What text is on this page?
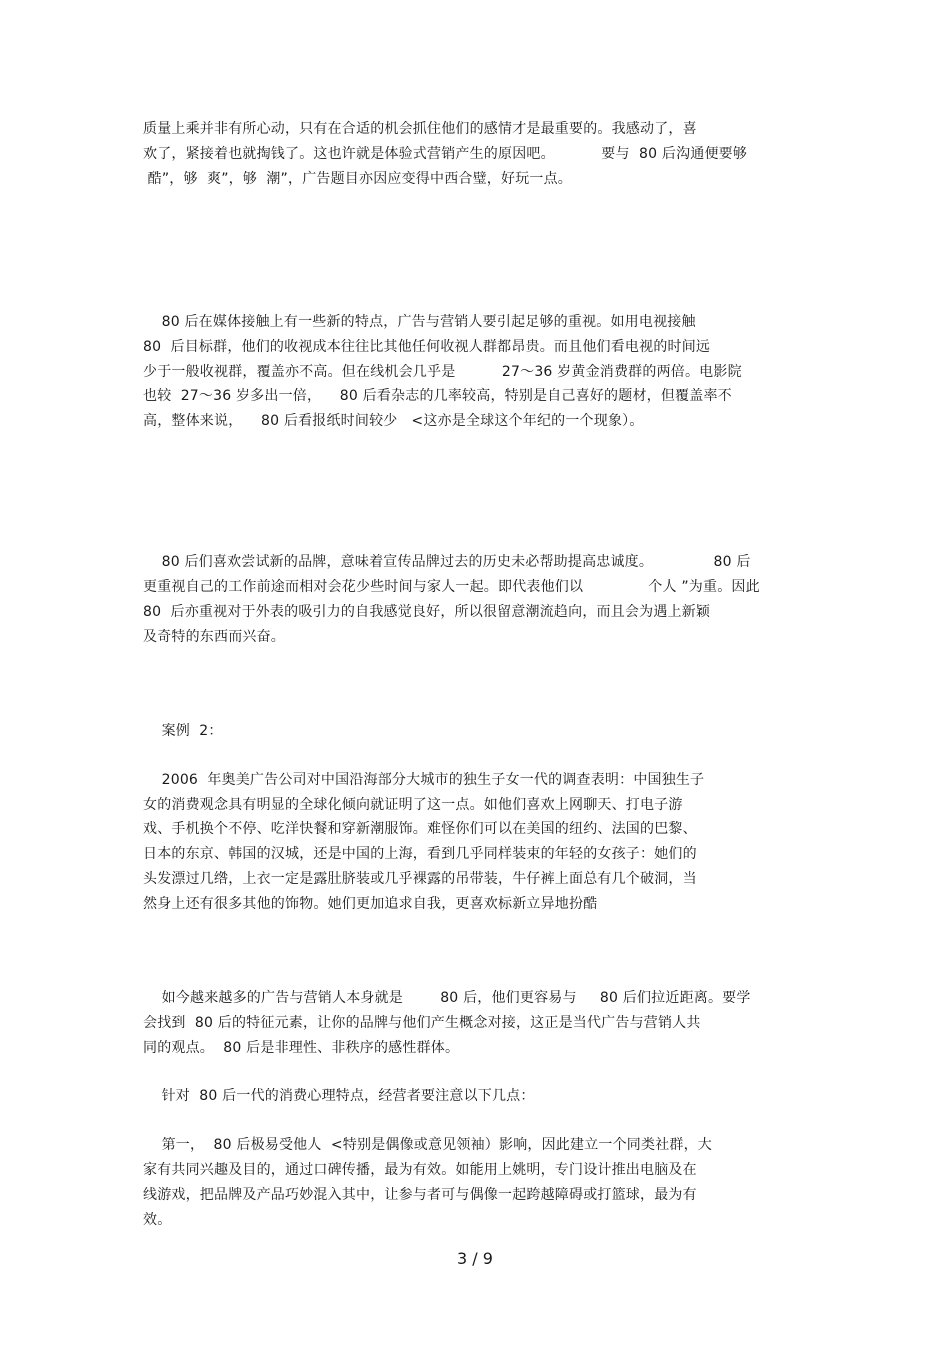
质量上乘并非有所心动，只有在合适的机会抓住他们的感情才是最重要的。我感动了，喜
欢了，紧接着也就掏钱了。这也许就是体验式营销产生的原因吧。          要与  80 后沟通便要够
酷”，够  爽”，够  潮”，广告题目亦因应变得中西合璧，好玩一点。
80 后在媒体接触上有一些新的特点，广告与营销人要引起足够的重视。如用电视接触
80  后目标群，他们的收视成本往往比其他任何收视人群都昂贵。而且他们看电视的时间远
少于一般收视群，覆盖亦不高。但在线机会几乎是          27～36 岁黄金消费群的两倍。电影院
也较  27～36 岁多出一倍，    80 后看杂志的几率较高，特别是自己喜好的题材，但覆盖率不
高，整体来说，    80 后看报纸时间较少   <这亦是全球这个年纪的一个现象）。
80 后们喜欢尝试新的品牌，意味着宣传品牌过去的历史未必帮助提高忠诚度。             80 后
更重视自己的工作前途而相对会花少些时间与家人一起。即代表他们以              个人 ”为重。因此
80  后亦重视对于外表的吸引力的自我感觉良好，所以很留意潮流趋向，而且会为遇上新颖
及奇特的东西而兴奋。
案例  2：
2006  年奥美广告公司对中国沿海部分大城市的独生子女一代的调查表明：中国独生子
女的消费观念具有明显的全球化倾向就证明了这一点。如他们喜欢上网聊天、打电子游
戏、手机换个不停、吃洋快餐和穿新潮服饰。难怪你们可以在美国的纽约、法国的巴黎、
日本的东京、韩国的汉城，还是中国的上海，看到几乎同样装束的年轻的女孩子：她们的
头发漂过几绺，上衣一定是露肚脐装或几乎裸露的吊带装，牛仔裤上面总有几个破洞，当
然身上还有很多其他的饰物。她们更加追求自我，更喜欢标新立异地扮酷
如今越来越多的广告与营销人本身就是        80 后，他们更容易与     80 后们拉近距离。要学
会找到  80 后的特征元素，让你的品牌与他们产生概念对接，这正是当代广告与营销人共
同的观点。  80 后是非理性、非秩序的感性群体。
针对  80 后一代的消费心理特点，经营者要注意以下几点：
第一，  80 后极易受他人  <特别是偶像或意见领袖）影响，因此建立一个同类社群，大
家有共同兴趣及目的，通过口碑传播，最为有效。如能用上姚明，专门设计推出电脑及在
线游戏，把品牌及产品巧妙混入其中，让参与者可与偶像一起跨越障碍或打篮球，最为有
效。
3 / 9
